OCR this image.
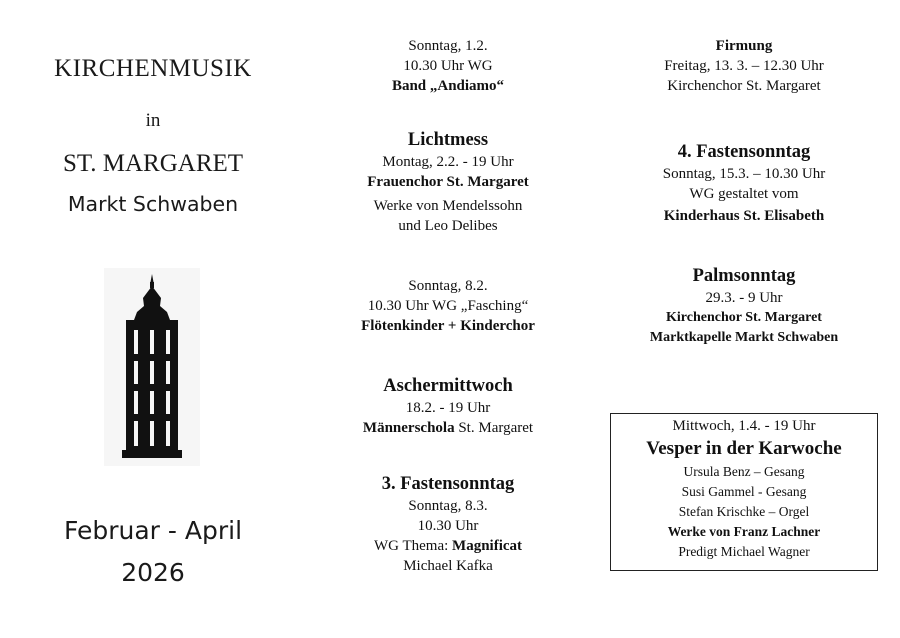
KIRCHENMUSIK
in
ST. MARGARET
Markt Schwaben
Februar - April
2026
Sonntag, 1.2.
10.30 Uhr WG
Band „Andiamo“
Lichtmess
Montag, 2.2. - 19 Uhr
Frauenchor St. Margaret
Werke von Mendelssohn
und Leo Delibes
Sonntag, 8.2.
10.30 Uhr WG „Fasching“
Flötenkinder + Kinderchor
Aschermittwoch
18.2. - 19 Uhr
Männerschola St. Margaret
3. Fastensonntag
Sonntag, 8.3.
10.30 Uhr
WG Thema: Magnificat
Michael Kafka
Firmung
Freitag, 13. 3. – 12.30 Uhr
Kirchenchor St. Margaret
4. Fastensonntag
Sonntag, 15.3. – 10.30 Uhr
WG gestaltet vom
Kinderhaus St. Elisabeth
Palmsonntag
29.3. - 9 Uhr
Kirchenchor St. Margaret
Marktkapelle Markt Schwaben
Mittwoch, 1.4. - 19 Uhr
Vesper in der Karwoche
Ursula Benz – Gesang
Susi Gammel - Gesang
Stefan Krischke – Orgel
Werke von Franz Lachner
Predigt Michael Wagner
